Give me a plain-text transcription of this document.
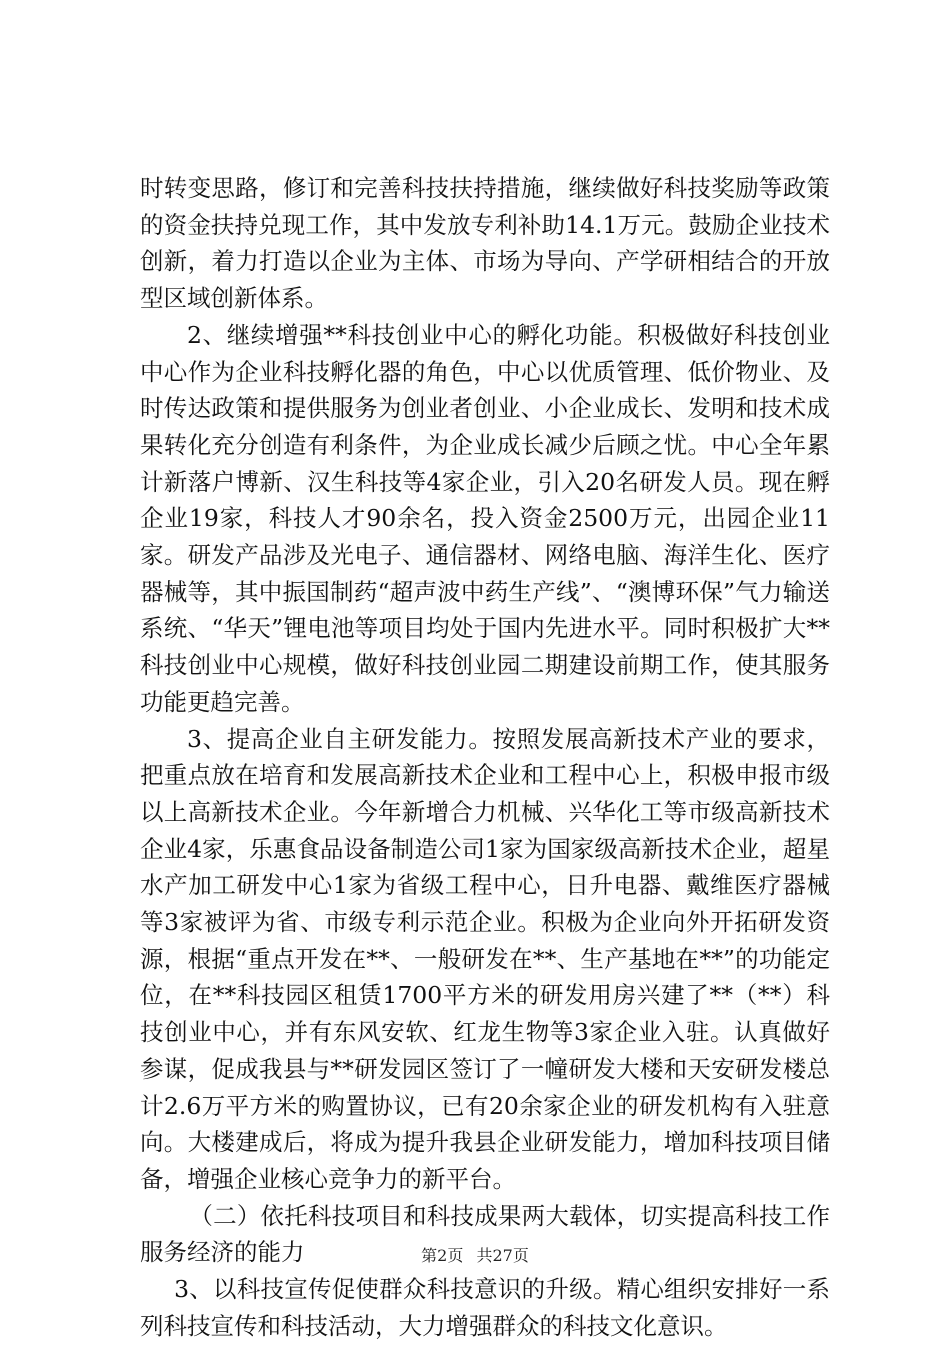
时转变思路，修订和完善科技扶持措施，继续做好科技奖励等政策的资金扶持兑现工作，其中发放专利补助14.1万元。鼓励企业技术创新，着力打造以企业为主体、市场为导向、产学研相结合的开放型区域创新体系。

2、继续增强**科技创业中心的孵化功能。积极做好科技创业中心作为企业科技孵化器的角色，中心以优质管理、低价物业、及时传达政策和提供服务为创业者创业、小企业成长、发明和技术成果转化充分创造有利条件，为企业成长减少后顾之忧。中心全年累计新落户博新、汉生科技等4家企业，引入20名研发人员。现在孵企业19家，科技人才90余名，投入资金2500万元，出园企业11家。研发产品涉及光电子、通信器材、网络电脑、海洋生化、医疗器械等，其中振国制药“超声波中药生产线”、“澳博环保”气力输送系统、“华天”锂电池等项目均处于国内先进水平。同时积极扩大**科技创业中心规模，做好科技创业园二期建设前期工作，使其服务功能更趋完善。

3、提高企业自主研发能力。按照发展高新技术产业的要求，把重点放在培育和发展高新技术企业和工程中心上，积极申报市级以上高新技术企业。今年新增合力机械、兴华化工等市级高新技术企业4家，乐惠食品设备制造公司1家为国家级高新技术企业，超星水产加工研发中心1家为省级工程中心，日升电器、戴维医疗器械等3家被评为省、市级专利示范企业。积极为企业向外开拓研发资源，根据“重点开发在**、一般研发在**、生产基地在**”的功能定位，在**科技园区租赁1700平方米的研发用房兴建了**（**）科技创业中心，并有东风安软、红龙生物等3家企业入驻。认真做好参谋，促成我县与**研发园区签订了一幢研发大楼和天安研发楼总计2.6万平方米的购置协议，已有20余家企业的研发机构有入驻意向。大楼建成后，将成为提升我县企业研发能力，增加科技项目储备，增强企业核心竞争力的新平台。

（二）依托科技项目和科技成果两大载体，切实提高科技工作服务经济的能力

3、以科技宣传促使群众科技意识的升级。精心组织安排好一系列科技宣传和科技活动，大力增强群众的科技文化意识。

第2页 共27页
